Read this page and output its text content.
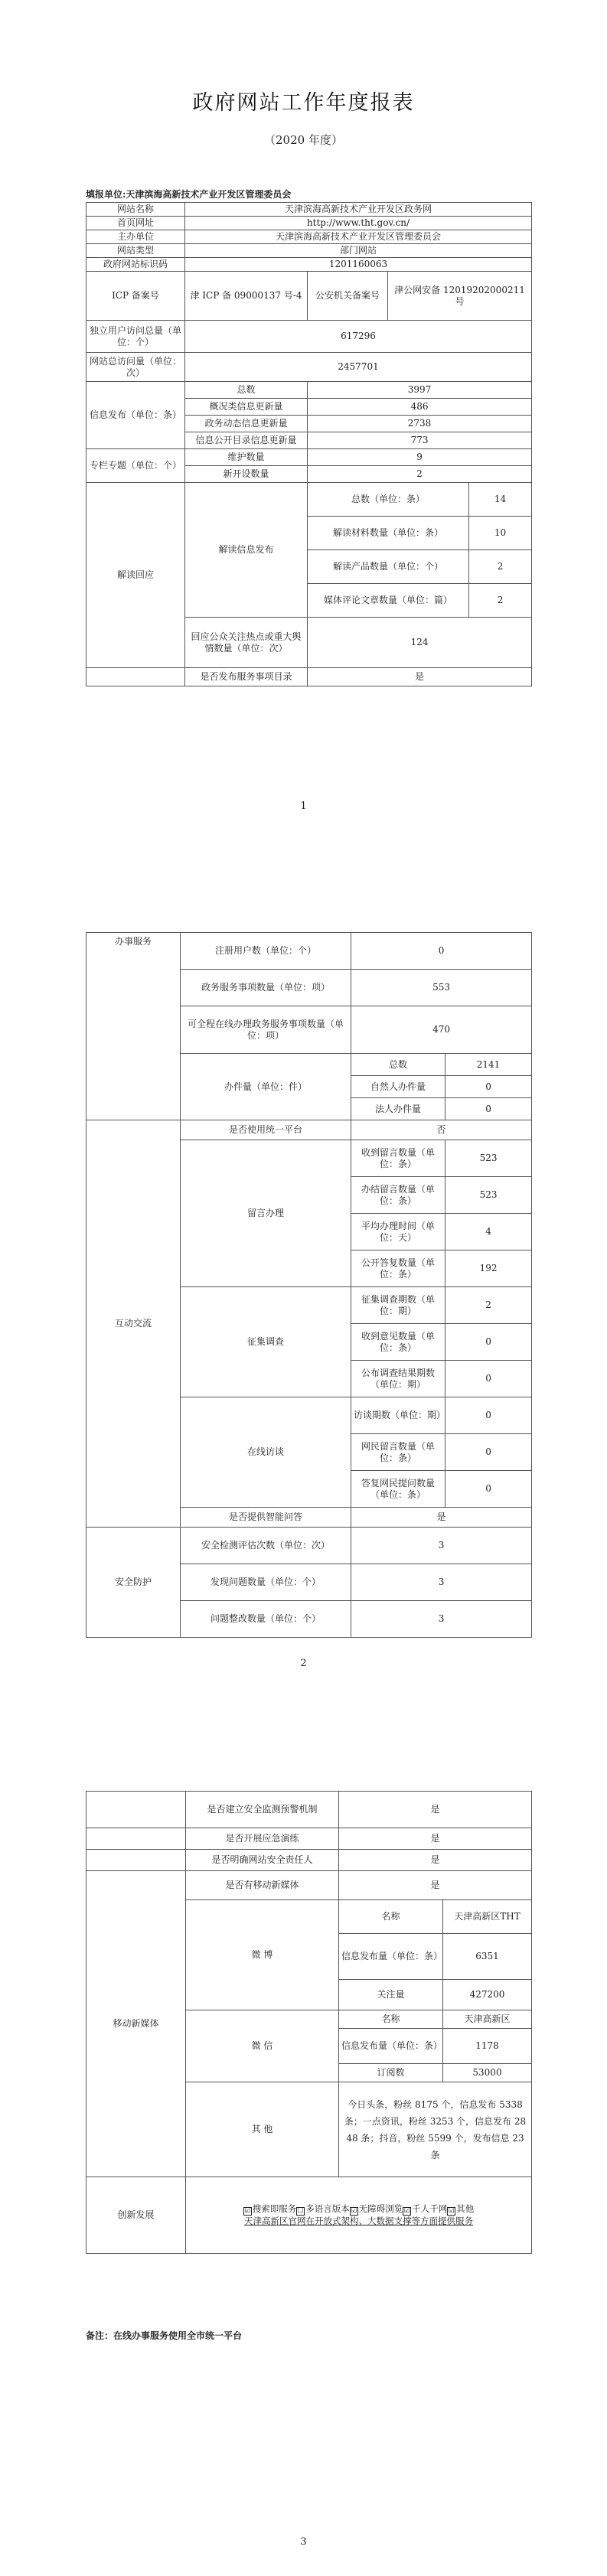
政府网站工作年度报表
（2020 年度）
填报单位:天津滨海高新技术产业开发区管理委员会
网站名称	天津滨海高新技术产业开发区政务网			
首页网址	http://www.tht.gov.cn/			
主办单位	天津滨海高新技术产业开发区管理委员会			
网站类型	部门网站			
政府网站标识码	1201160063			
ICP 备案号	津 ICP 备 09000137 号-4	公安机关备案号	津公网安备 12019202000211 号	
独立用户访问总量（单位：个）	617296			
网站总访问量（单位：次）	2457701			
信息发布（单位：条）	总数	3997		
	概况类信息更新量	486		
	政务动态信息更新量	2738		
	信息公开目录信息更新量	773		
专栏专题（单位：个）	维护数量	9		
	新开设数量	2		
解读回应	解读信息发布	总数（单位：条）		14
		解读材料数量（单位：条）		10
		解读产品数量（单位：个）		2
		媒体评论文章数量（单位：篇）		2
	回应公众关注热点或重大舆情数量（单位：次）	124		
	是否发布服务事项目录	是		
1
办事服务	注册用户数（单位：个）	0	
	政务服务事项数量（单位：项）	553	
	可全程在线办理政务服务事项数量（单位：项）	470	
	办件量（单位：件）	总数	2141
		自然人办件量	0
		法人办件量	0
互动交流	是否使用统一平台	否	
	留言办理	收到留言数量（单位：条）	523
		办结留言数量（单位：条）	523
		平均办理时间（单位：天）	4
		公开答复数量（单位：条）	192
	征集调查	征集调查期数（单位：期）	2
		收到意见数量（单位：条）	0
		公布调查结果期数（单位：期）	0
	在线访谈	访谈期数（单位：期）	0
		网民留言数量（单位：条）	0
		答复网民提问数量（单位：条）	0
	是否提供智能问答	是	
安全防护	安全检测评估次数（单位：次）	3	
	发现问题数量（单位：个）	3	
	问题整改数量（单位：个）	3	
2
	是否建立安全监测预警机制	是	
	是否开展应急演练	是	
	是否明确网站安全责任人	是	
移动新媒体	是否有移动新媒体	是	
	微 博	名称	天津高新区THT
		信息发布量（单位：条）	6351
		关注量	427200
	微 信	名称	天津高新区
		信息发布量（单位：条）	1178
		订阅数	53000
	其 他	今日头条，粉丝 8175 个，信息发布 5338 条；一点资讯，粉丝 3253 个，信息发布 2848 条；抖音，粉丝 5599 个，发布信息 23 条	
创新发展	☑ 搜索即服务☐ 多语言版本☑ 无障碍浏览☑ 千人千网☑ 其他
天津高新区官网在开放式架构、大数据支撑等方面提供服务		
备注：在线办事服务使用全市统一平台
3
